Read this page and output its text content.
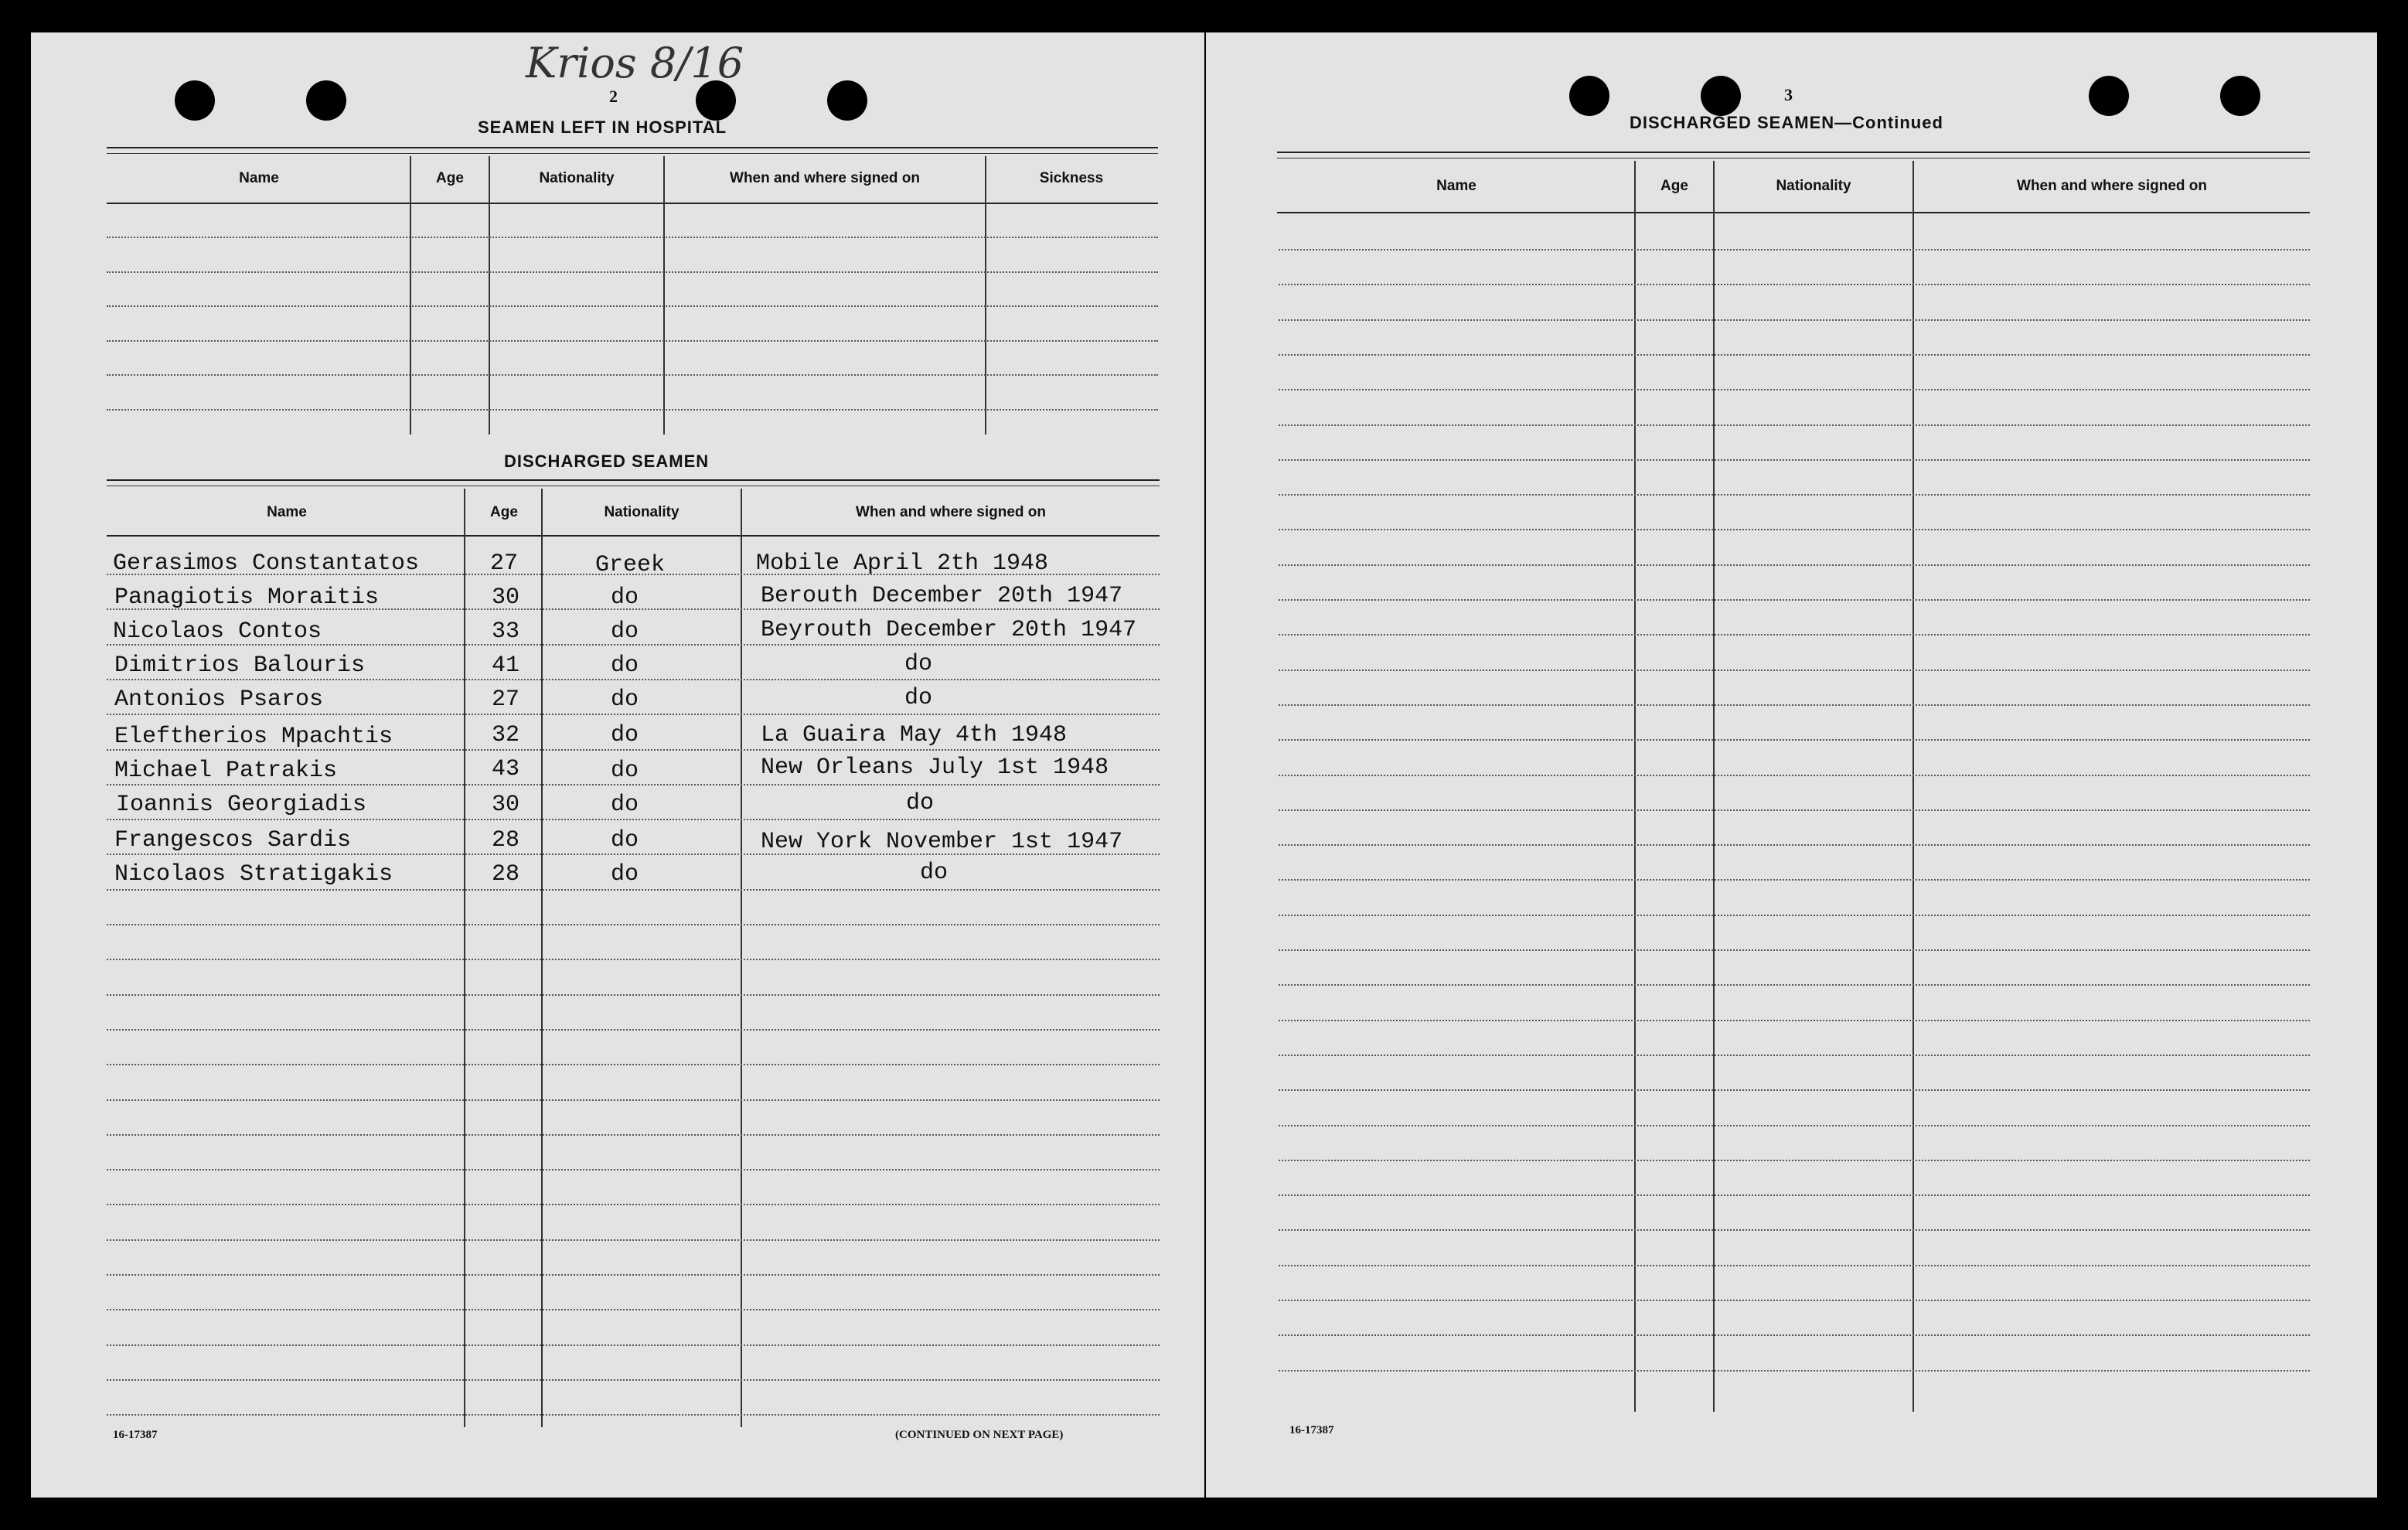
Krios 8/16
2
SEAMEN LEFT IN HOSPITAL
Name	Age	Nationality	When and where signed on	Sickness
DISCHARGED SEAMEN
Name	Age	Nationality	When and where signed on
Gerasimos Constantatos	27	Greek	Mobile April 2th 1948
Panagiotis Moraitis	30	do	Berouth December 20th 1947
Nicolaos Contos	33	do	Beyrouth December 20th 1947
Dimitrios Balouris	41	do	do
Antonios Psaros	27	do	do
Eleftherios Mpachtis	32	do	La Guaira May 4th 1948
Michael Patrakis	43	do	New Orleans July 1st 1948
Ioannis Georgiadis	30	do	do
Frangescos Sardis	28	do	New York November 1st 1947
Nicolaos Stratigakis	28	do	do
16-17387	(CONTINUED ON NEXT PAGE)
3
DISCHARGED SEAMEN—Continued
Name	Age	Nationality	When and where signed on
16-17387
